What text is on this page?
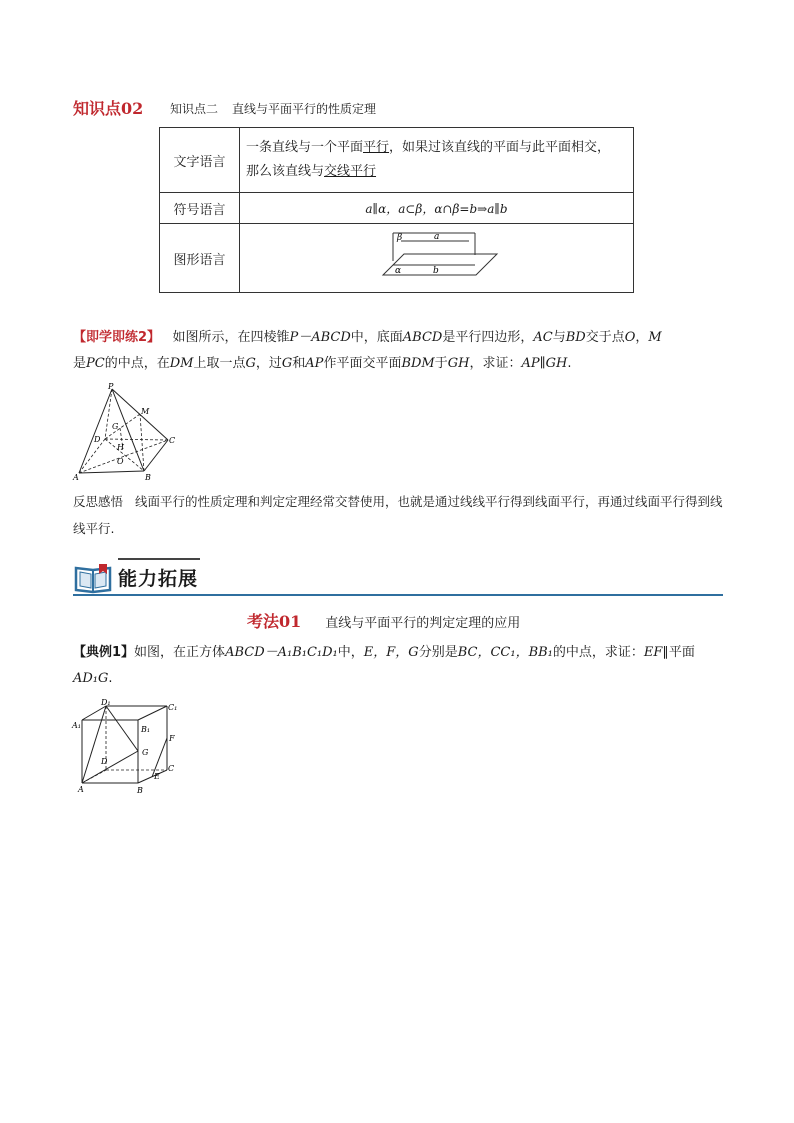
知识点02 知识点二 直线与平面平行的性质定理
文字语言	一条直线与一个平面平行，如果过该直线的平面与此平面相交，
那么该直线与交线平行
符号语言	a∥α，a⊂β，α∩β=b⇒a∥b
图形语言	β a
α b
【即学即练2】 如图所示，在四棱锥P－ABCD中，底面ABCD是平行四边形，AC与BD交于点O，M
是PC的中点，在DM上取一点G，过G和AP作平面交平面BDM于GH，求证：AP∥GH.
P
M
G
D
H
C
O
A	B
反思感悟 线面平行的性质定理和判定定理经常交替使用，也就是通过线线平行得到线面平行，再通过线面平行得到线线平行.
能力拓展
考法01 直线与平面平行的判定定理的应用
【典例1】如图，在正方体ABCD－A₁B₁C₁D₁中，E，F，G分别是BC，CC₁，BB₁的中点，求证：EF∥平面AD₁G.
D₁
C₁
A₁	B₁
F
G
D
C
E
A	B
